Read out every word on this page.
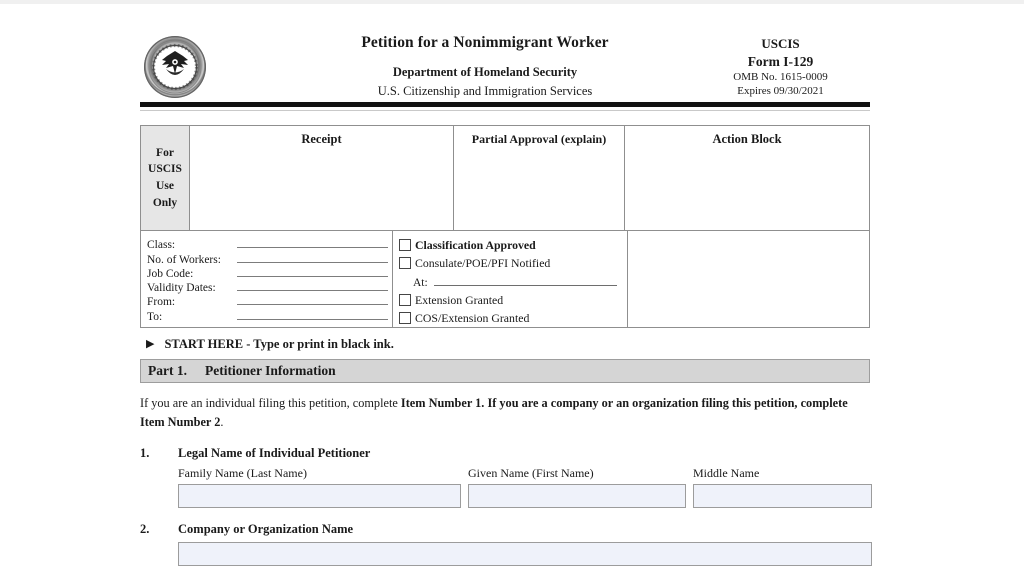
Petition for a Nonimmigrant Worker
Department of Homeland Security
U.S. Citizenship and Immigration Services
USCIS
Form I-129
OMB No. 1615-0009
Expires 09/30/2021
For
USCIS
Use
Only
Receipt	Partial Approval (explain)	Action Block
Class:
No. of Workers:
Job Code:
Validity Dates:
From:
To:
Classification Approved
Consulate/POE/PFI Notified
At:
Extension Granted
COS/Extension Granted
▶ START HERE - Type or print in black ink.
Part 1.	Petitioner Information
If you are an individual filing this petition, complete Item Number 1. If you are a company or an organization filing this petition, complete Item Number 2.
1.	Legal Name of Individual Petitioner
Family Name (Last Name)	Given Name (First Name)	Middle Name
2.	Company or Organization Name
